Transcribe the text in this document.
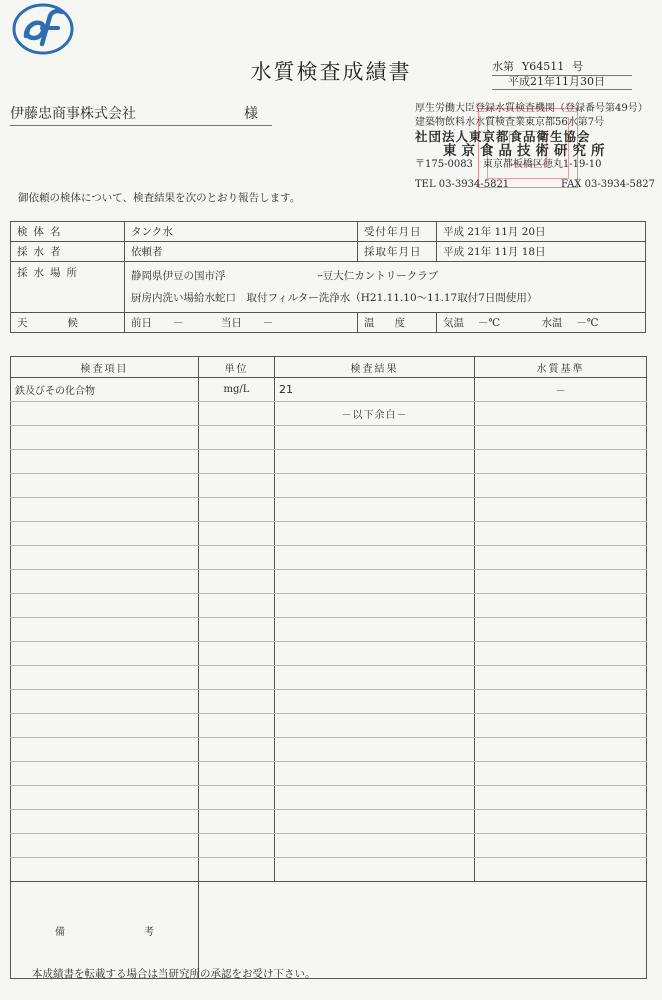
水質検査成績書	水第 Y64511 号
平成21年11月30日
伊藤忠商事株式会社	様	厚生労働大臣登録水質検査機関（登録番号第49号）
建築物飲料水水質検査業東京都56水第7号
社団法人東京都食品衛生協会
東京食品技術研究所
〒175-0083　東京都板橋区徳丸1-19-10
TEL 03-3934-5821	FAX 03-3934-5827
御依頼の検体について、検査結果を次のとおり報告します。
検体名	タンク水	受付年月日	平成 21年 11月 20日
採水者	依頼者	採取年月日	平成 21年 11月 18日
採水場所	静岡県伊豆の国市浮 ｰ豆大仁カントリークラブ
厨房内洗い場給水蛇口　取付フィルター洗浄水（H21.11.10～11.17取付7日間使用）		

天候	前日　　－ 当日　　－	温度	気温　 －℃ 水温　 －℃
検査項目	単位	検査結果	水質基準
鉄及びその化合物	mg/L	21	－
		－以下余白－	

備 考			

本成績書を転載する場合は当研究所の承認をお受け下さい。
